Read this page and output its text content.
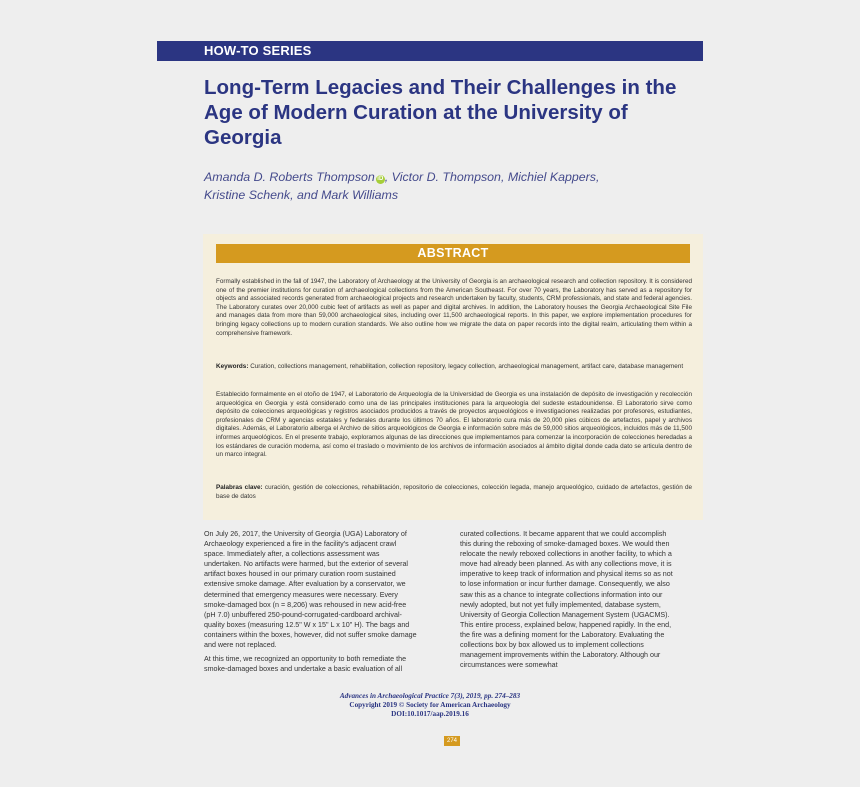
HOW-TO SERIES
Long-Term Legacies and Their Challenges in the Age of Modern Curation at the University of Georgia
Amanda D. Roberts Thompson iD , Victor D. Thompson, Michiel Kappers,
Kristine Schenk, and Mark Williams
ABSTRACT

Formally established in the fall of 1947, the Laboratory of Archaeology at the University of Georgia is an archaeological research and collection repository. It is considered one of the premier institutions for curation of archaeological collections from the American Southeast. For over 70 years, the Laboratory has served as a repository for objects and associated records generated from archaeological projects and research undertaken by faculty, students, CRM professionals, and state and federal agencies. The Laboratory curates over 20,000 cubic feet of artifacts as well as paper and digital archives. In addition, the Laboratory houses the Georgia Archaeological Site File and manages data from more than 59,000 archaeological sites, including over 11,500 archaeological reports. In this paper, we explore implementation procedures for bringing legacy collections up to modern curation standards. We also outline how we migrate the data on paper records into the digital realm, articulating them within a comprehensive framework.

Keywords: Curation, collections management, rehabilitation, collection repository, legacy collection, archaeological management, artifact care, database management

Establecido formalmente en el otoño de 1947, el Laboratorio de Arqueología de la Universidad de Georgia es una instalación de depósito de investigación y recolección arqueológica en Georgia y está considerado como una de las principales instituciones para la arqueología del sudeste estadounidense. El Laboratorio sirve como depósito de colecciones arqueológicas y registros asociados producidos a través de proyectos arqueológicos e investigaciones realizadas por profesores, estudiantes, profesionales de CRM y agencias estatales y federales durante los últimos 70 años. El laboratorio cura más de 20,000 pies cúbicos de artefactos, papel y archivos digitales. Además, el Laboratorio alberga el Archivo de sitios arqueológicos de Georgia e información sobre más de 59,000 sitios arqueológicos, incluidos más de 11,500 informes arqueológicos. En el presente trabajo, exploramos algunas de las direcciones que implementamos para comenzar la incorporación de colecciones heredadas a los estándares de curación moderna, así como el traslado o movimiento de los archivos de información asociados al ámbito digital donde cada dato se articula dentro de un marco integral.

Palabras clave: curación, gestión de colecciones, rehabilitación, repositorio de colecciones, colección legada, manejo arqueológico, cuidado de artefactos, gestión de base de datos

On July 26, 2017, the University of Georgia (UGA) Laboratory of Archaeology experienced a fire in the facility's adjacent crawl space. Immediately after, a collections assessment was undertaken. No artifacts were harmed, but the exterior of several artifact boxes housed in our primary curation room sustained extensive smoke damage. After evaluation by a conservator, we determined that emergency measures were necessary. Every smoke-damaged box (n = 8,206) was rehoused in new acid-free (pH 7.0) unbuffered 250-pound-corrugated-cardboard archival-quality boxes (measuring 12.5" W x 15" L x 10" H). The bags and containers within the boxes, however, did not suffer smoke damage and were not replaced.

At this time, we recognized an opportunity to both remediate the smoke-damaged boxes and undertake a basic evaluation of all

curated collections. It became apparent that we could accomplish this during the reboxing of smoke-damaged boxes. We would then relocate the newly reboxed collections in another facility, to which a move had already been planned. As with any collections move, it is imperative to keep track of information and physical items so as not to lose information or incur further damage. Consequently, we also saw this as a chance to integrate collections information into our newly adopted, but not yet fully implemented, database system, University of Georgia Collection Management System (UGACMS). This entire process, explained below, happened rapidly. In the end, the fire was a defining moment for the Laboratory. Evaluating the collections box by box allowed us to implement collections management improvements within the Laboratory. Although our circumstances were somewhat

Advances in Archaeological Practice 7(3), 2019, pp. 274–283
Copyright 2019 © Society for American Archaeology
DOI:10.1017/aap.2019.16
274
